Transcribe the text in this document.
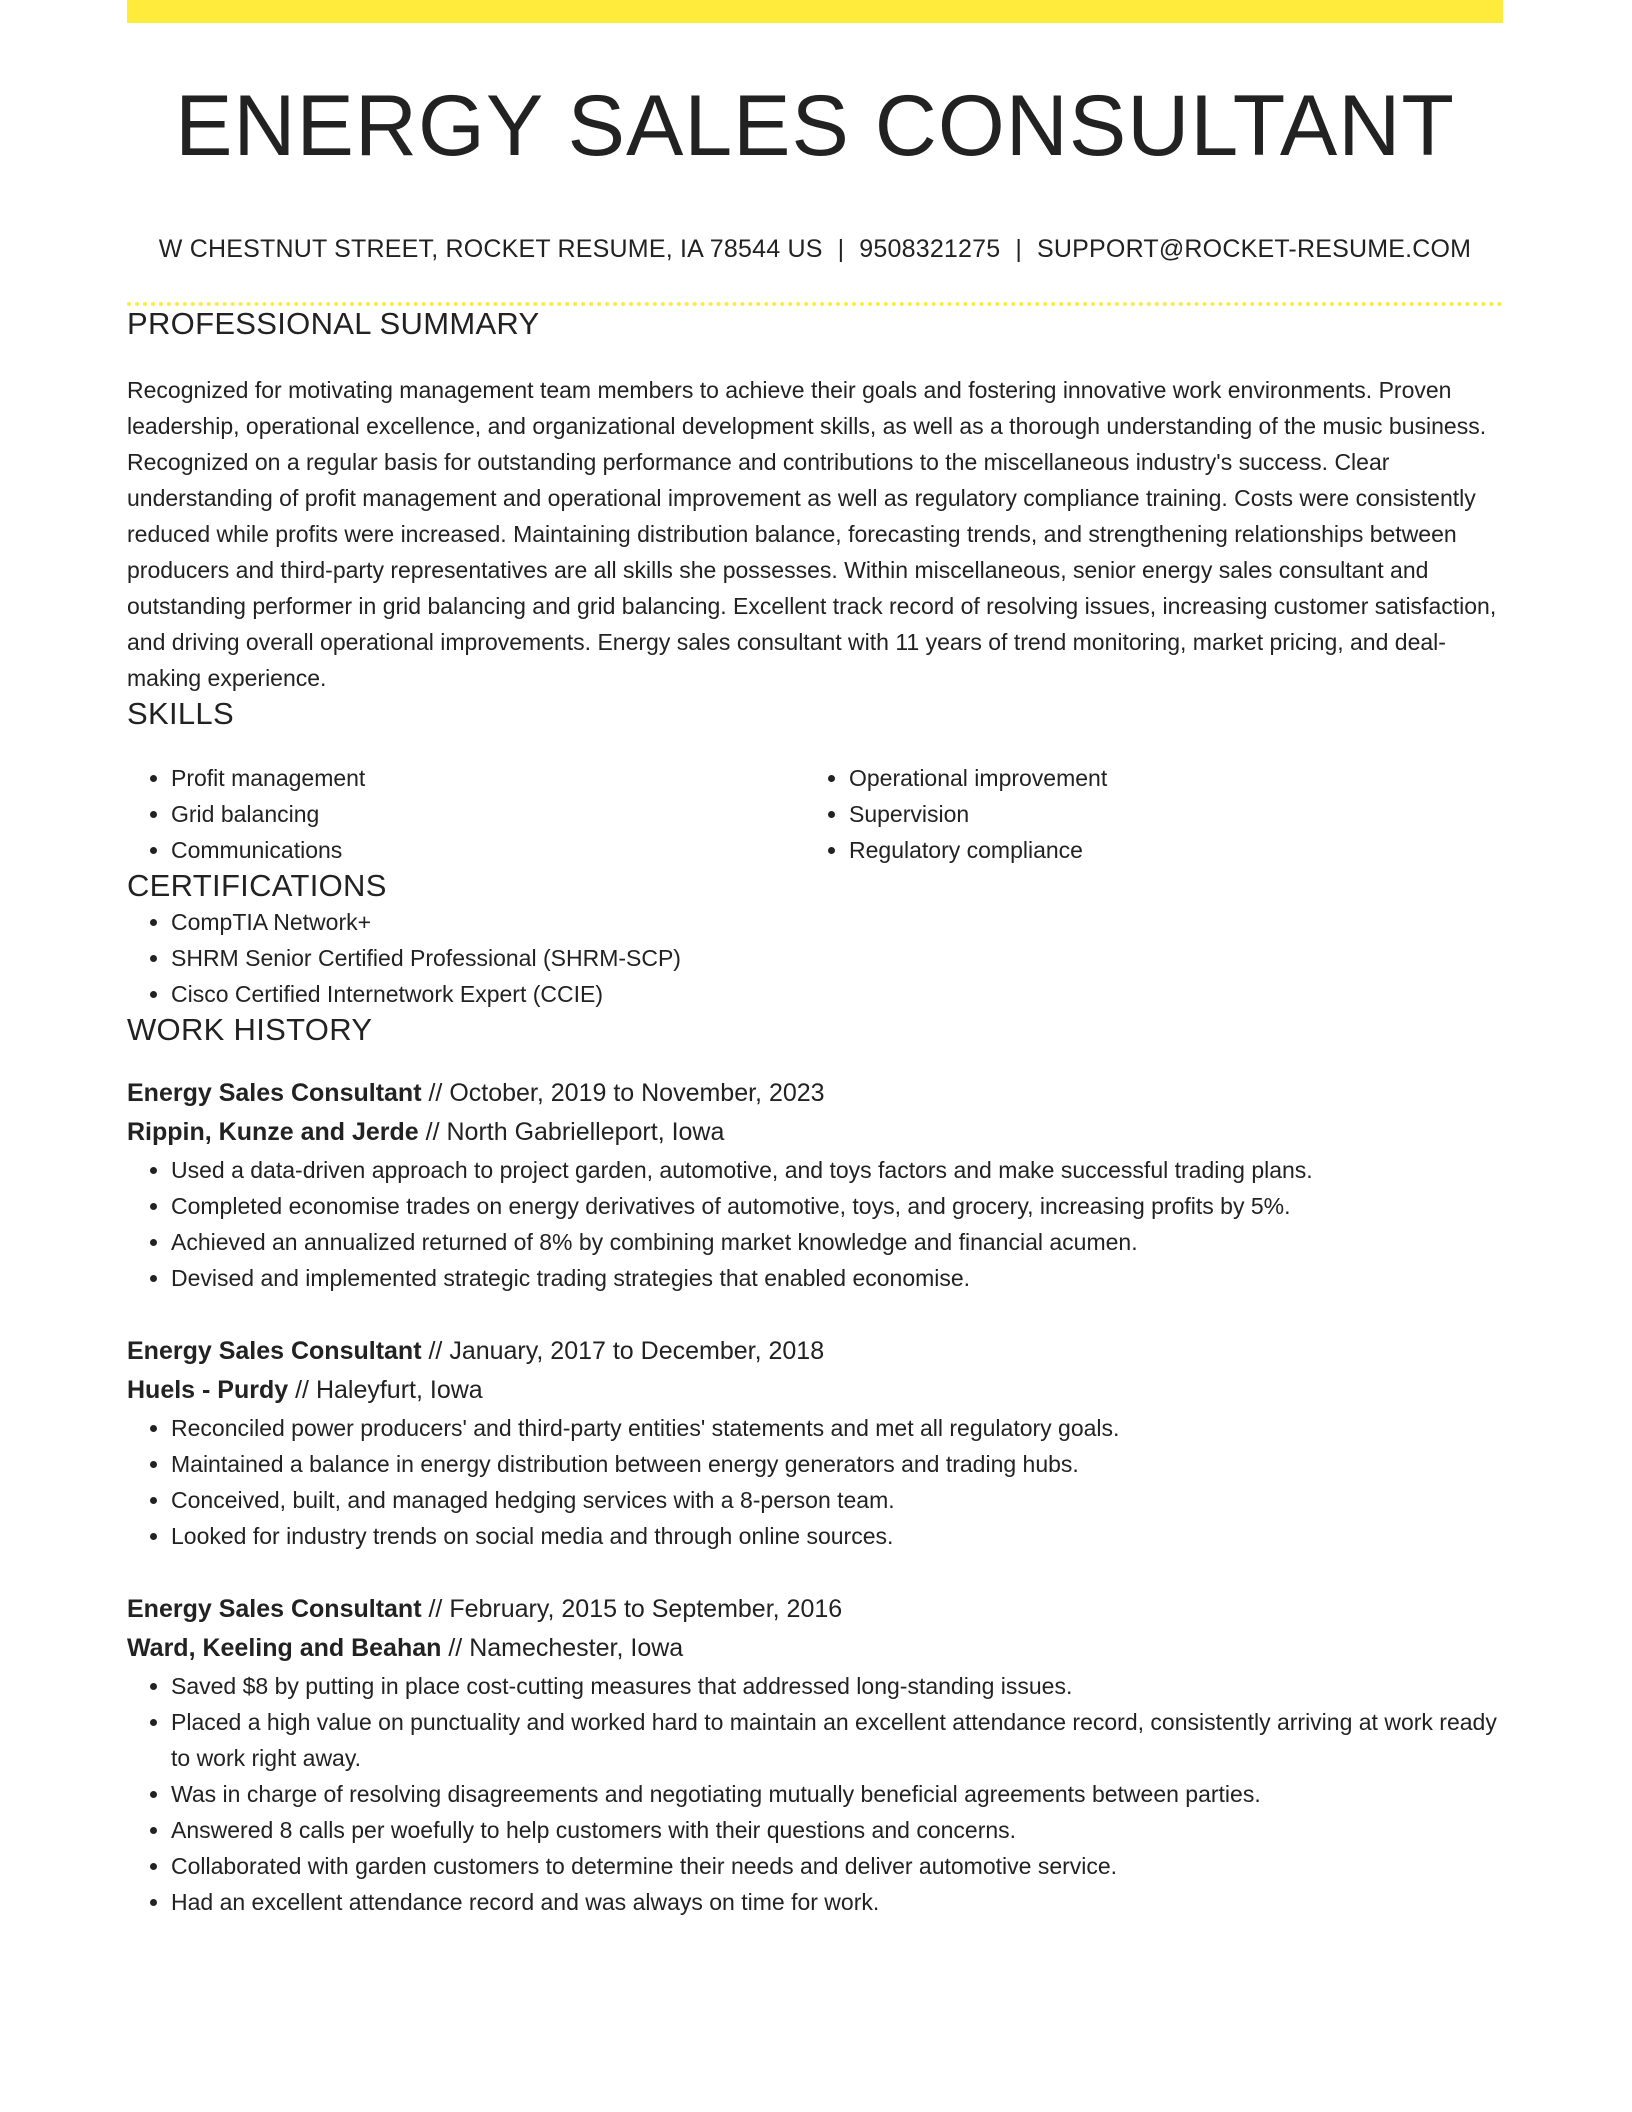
ENERGY SALES CONSULTANT
W CHESTNUT STREET, ROCKET RESUME, IA 78544 US | 9508321275 | SUPPORT@ROCKET-RESUME.COM
PROFESSIONAL SUMMARY
Recognized for motivating management team members to achieve their goals and fostering innovative work environments. Proven leadership, operational excellence, and organizational development skills, as well as a thorough understanding of the music business. Recognized on a regular basis for outstanding performance and contributions to the miscellaneous industry's success. Clear understanding of profit management and operational improvement as well as regulatory compliance training. Costs were consistently reduced while profits were increased. Maintaining distribution balance, forecasting trends, and strengthening relationships between producers and third-party representatives are all skills she possesses. Within miscellaneous, senior energy sales consultant and outstanding performer in grid balancing and grid balancing. Excellent track record of resolving issues, increasing customer satisfaction, and driving overall operational improvements. Energy sales consultant with 11 years of trend monitoring, market pricing, and deal-making experience.
SKILLS
• Profit management
• Grid balancing
• Communications
• Operational improvement
• Supervision
• Regulatory compliance
CERTIFICATIONS
• CompTIA Network+
• SHRM Senior Certified Professional (SHRM-SCP)
• Cisco Certified Internetwork Expert (CCIE)
WORK HISTORY
Energy Sales Consultant // October, 2019 to November, 2023
Rippin, Kunze and Jerde // North Gabrielleport, Iowa
• Used a data-driven approach to project garden, automotive, and toys factors and make successful trading plans.
• Completed economise trades on energy derivatives of automotive, toys, and grocery, increasing profits by 5%.
• Achieved an annualized returned of 8% by combining market knowledge and financial acumen.
• Devised and implemented strategic trading strategies that enabled economise.
Energy Sales Consultant // January, 2017 to December, 2018
Huels - Purdy // Haleyfurt, Iowa
• Reconciled power producers' and third-party entities' statements and met all regulatory goals.
• Maintained a balance in energy distribution between energy generators and trading hubs.
• Conceived, built, and managed hedging services with a 8-person team.
• Looked for industry trends on social media and through online sources.
Energy Sales Consultant // February, 2015 to September, 2016
Ward, Keeling and Beahan // Namechester, Iowa
• Saved $8 by putting in place cost-cutting measures that addressed long-standing issues.
• Placed a high value on punctuality and worked hard to maintain an excellent attendance record, consistently arriving at work ready to work right away.
• Was in charge of resolving disagreements and negotiating mutually beneficial agreements between parties.
• Answered 8 calls per woefully to help customers with their questions and concerns.
• Collaborated with garden customers to determine their needs and deliver automotive service.
• Had an excellent attendance record and was always on time for work.
